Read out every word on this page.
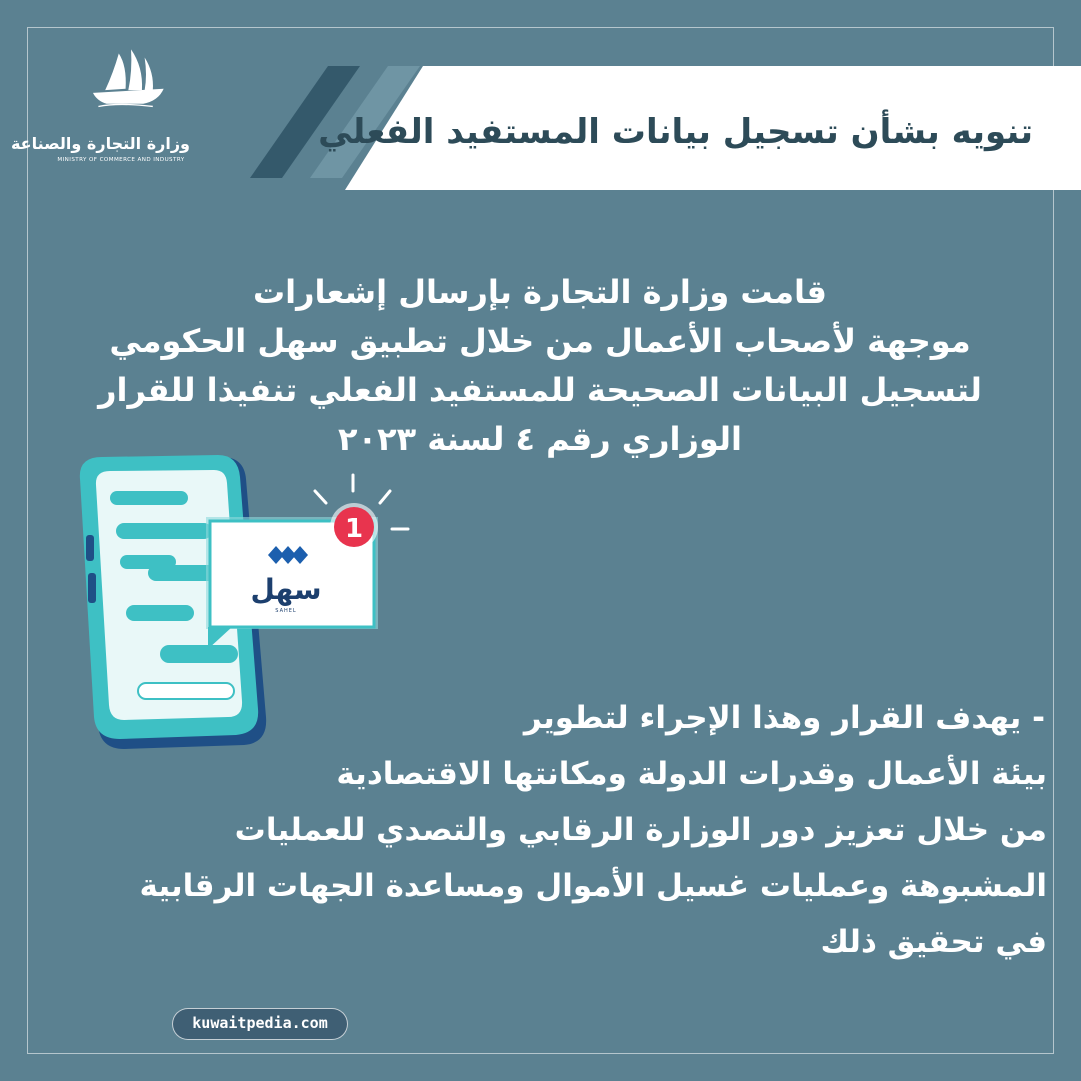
تنويه بشأن تسجيل بيانات المستفيد الفعلي
وزارة التجارة والصناعة
MINISTRY OF COMMERCE AND INDUSTRY
قامت وزارة التجارة بإرسال إشعارات
موجهة لأصحاب الأعمال من خلال تطبيق سهل الحكومي
لتسجيل البيانات الصحيحة للمستفيد الفعلي تنفيذا للقرار
الوزاري رقم ٤ لسنة ٢٠٢٣
سهل
SAHEL
1
- يهدف القرار وهذا الإجراء لتطوير
بيئة الأعمال وقدرات الدولة ومكانتها الاقتصادية
من خلال تعزيز دور الوزارة الرقابي والتصدي للعمليات
المشبوهة وعمليات غسيل الأموال ومساعدة الجهات الرقابية
في تحقيق ذلك
kuwaitpedia.com
